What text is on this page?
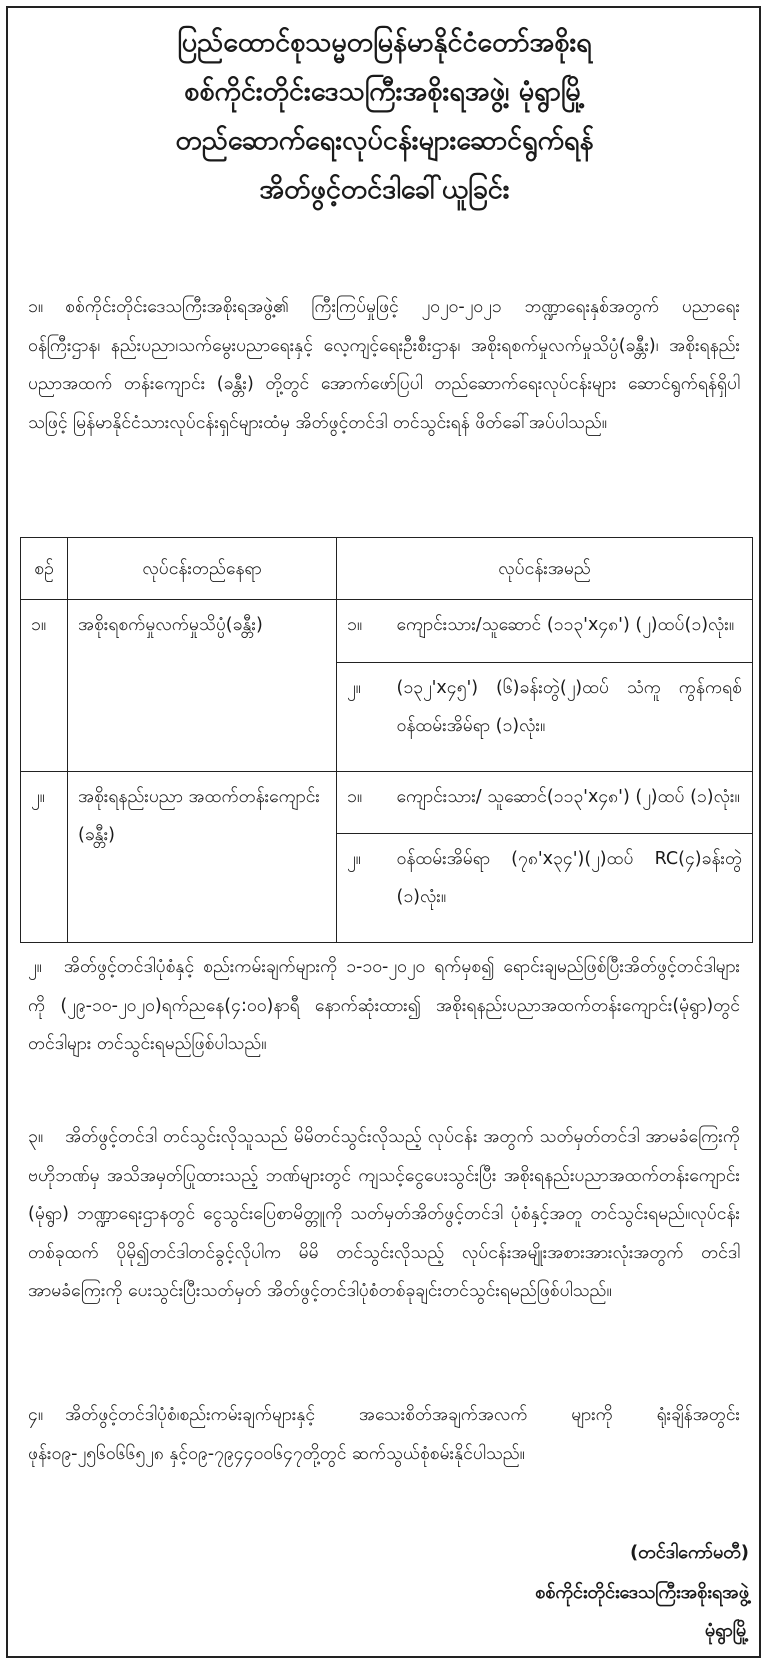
ပြည်ထောင်စုသမ္မတမြန်မာနိုင်ငံတော်အစိုးရ
စစ်ကိုင်းတိုင်းဒေသကြီးအစိုးရအဖွဲ့၊ မုံရွာမြို့
တည်ဆောက်ရေးလုပ်ငန်းများဆောင်ရွက်ရန်
အိတ်ဖွင့်တင်ဒါခေါ်ယူခြင်း
၁။ စစ်ကိုင်းတိုင်းဒေသကြီးအစိုးရအဖွဲ့၏ ကြီးကြပ်မှုဖြင့် ၂၀၂၀-၂၀၂၁ ဘဏ္ဍာရေးနှစ်အတွက် ပညာရေးဝန်ကြီးဌာန၊ နည်းပညာ၊သက်မွေးပညာရေးနှင့် လေ့ကျင့်ရေးဦးစီးဌာန၊ အစိုးရစက်မှုလက်မှုသိပ္ပံ(ခန္တီး)၊ အစိုးရနည်းပညာအထက် တန်းကျောင်း (ခန္တီး) တို့တွင် အောက်ဖော်ပြပါ တည်ဆောက်ရေးလုပ်ငန်းများ ဆောင်ရွက်ရန်ရှိပါသဖြင့် မြန်မာနိုင်ငံသားလုပ်ငန်းရှင်များထံမှ အိတ်ဖွင့်တင်ဒါ တင်သွင်းရန် ဖိတ်ခေါ်အပ်ပါသည်။
စဉ်	လုပ်ငန်းတည်နေရာ	လုပ်ငန်းအမည်	
၁။	အစိုးရစက်မှုလက်မှုသိပ္ပံ(ခန္တီး)	၁။	ကျောင်းသား/သူဆောင် (၁၁၃'x၄၈') (၂)ထပ်(၁)လုံး။
		၂။	(၁၃၂'x၄၅') (၆)ခန်းတွဲ(၂)ထပ် သံကူ ကွန်ကရစ် ဝန်ထမ်းအိမ်ရာ (၁)လုံး။
၂။	အစိုးရနည်းပညာ အထက်တန်းကျောင်း (ခန္တီး)	၁။	ကျောင်းသား/ သူဆောင်(၁၁၃'x၄၈') (၂)ထပ် (၁)လုံး။
		၂။	ဝန်ထမ်းအိမ်ရာ (၇၈'x၃၄')(၂)ထပ် RC(၄)ခန်းတွဲ (၁)လုံး။
၂။ အိတ်ဖွင့်တင်ဒါပုံစံနှင့် စည်းကမ်းချက်များကို ၁-၁၀-၂၀၂၀ ရက်မှစ၍ ရောင်းချမည်ဖြစ်ပြီးအိတ်ဖွင့်တင်ဒါများကို (၂၉-၁၀-၂၀၂၀)ရက်ညနေ(၄:၀၀)နာရီ နောက်ဆုံးထား၍ အစိုးရနည်းပညာအထက်တန်းကျောင်း(မုံရွာ)တွင် တင်ဒါများ တင်သွင်းရမည်ဖြစ်ပါသည်။
၃။ အိတ်ဖွင့်တင်ဒါ တင်သွင်းလိုသူသည် မိမိတင်သွင်းလိုသည့် လုပ်ငန်း အတွက် သတ်မှတ်တင်ဒါ အာမခံကြေးကို ဗဟိုဘဏ်မှ အသိအမှတ်ပြုထားသည့် ဘဏ်များတွင် ကျသင့်ငွေပေးသွင်းပြီး အစိုးရနည်းပညာအထက်တန်းကျောင်း (မုံရွာ) ဘဏ္ဍာရေးဌာနတွင် ငွေသွင်းပြေစာမိတ္တူကို သတ်မှတ်အိတ်ဖွင့်တင်ဒါ ပုံစံနှင့်အတူ တင်သွင်းရမည်။လုပ်ငန်းတစ်ခုထက် ပိုမို၍တင်ဒါတင်ခွင့်လိုပါက မိမိ တင်သွင်းလိုသည့် လုပ်ငန်းအမျိုးအစားအားလုံးအတွက် တင်ဒါအာမခံကြေးကို ပေးသွင်းပြီးသတ်မှတ် အိတ်ဖွင့်တင်ဒါပုံစံတစ်ခုချင်းတင်သွင်းရမည်ဖြစ်ပါသည်။
၄။ အိတ်ဖွင့်တင်ဒါပုံစံ၊စည်းကမ်းချက်များနှင့် အသေးစိတ်အချက်အလက် များကို ရုံးချိန်အတွင်း ဖုန်း၀၉-၂၅၆၀၆၆၅၂၈ နှင့်၀၉-၇၉၄၄၀၀၆၄၇တို့တွင် ဆက်သွယ်စုံစမ်းနိုင်ပါသည်။
(တင်ဒါကော်မတီ)
စစ်ကိုင်းတိုင်းဒေသကြီးအစိုးရအဖွဲ့
မုံရွာမြို့
